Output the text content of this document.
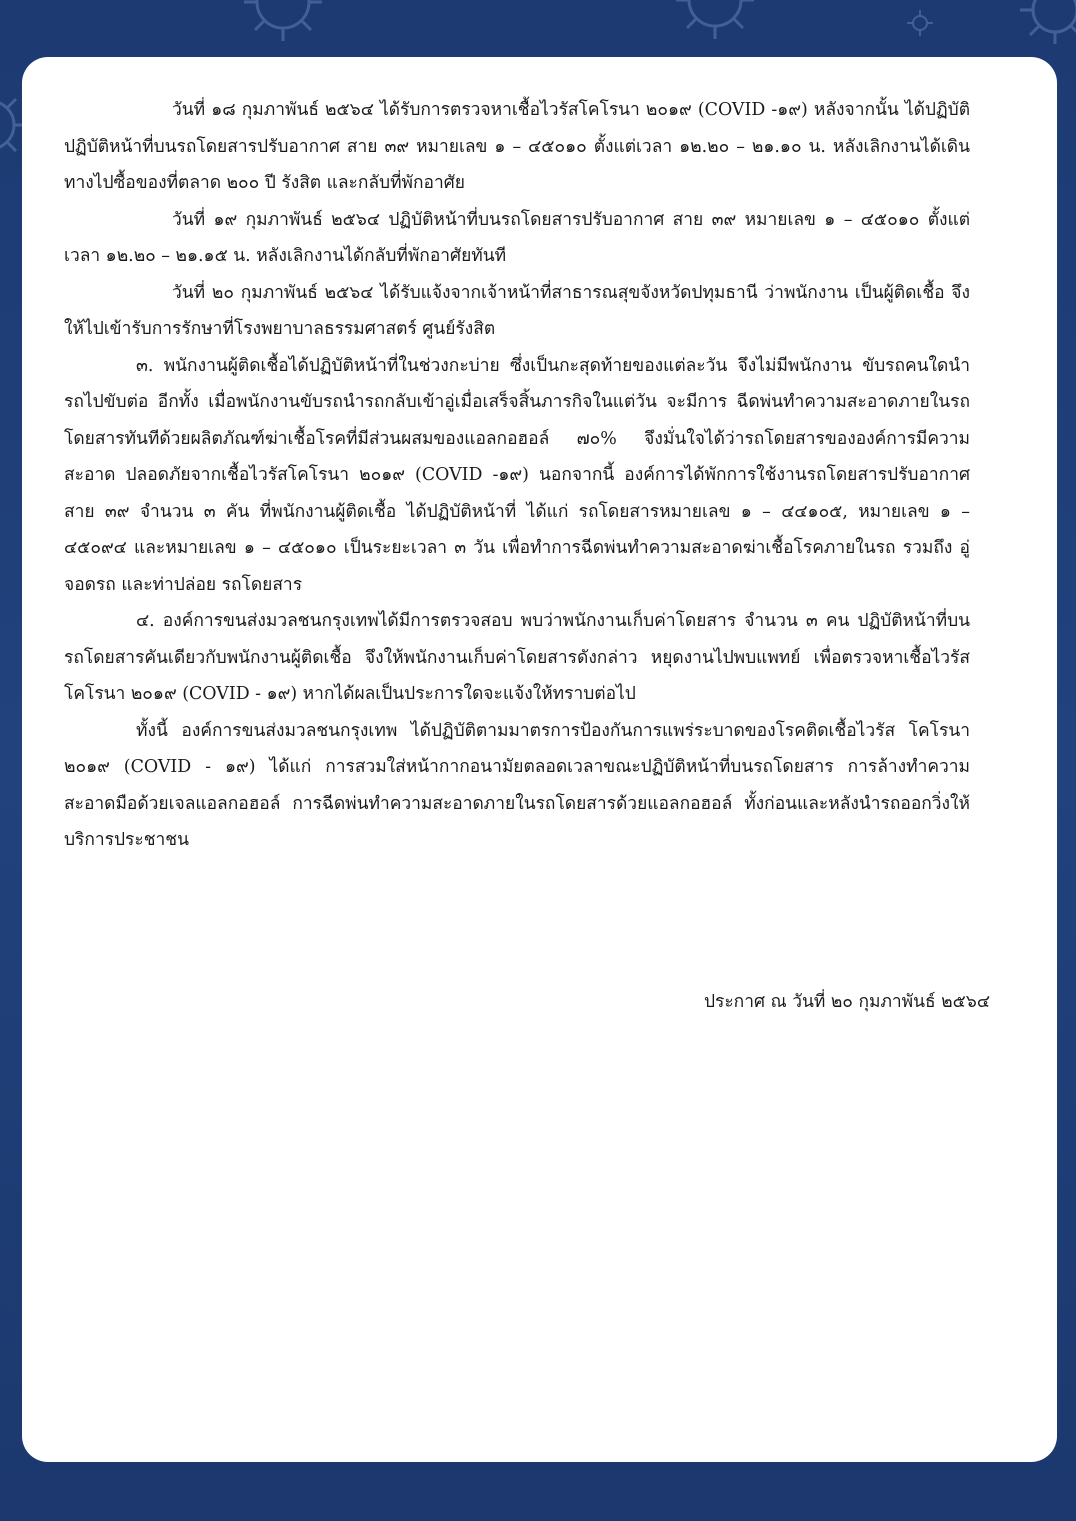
วันที่ ๑๘ กุมภาพันธ์ ๒๕๖๔ ได้รับการตรวจหาเชื้อไวรัสโคโรนา ๒๐๑๙ (COVID -๑๙) หลังจากนั้น ได้ปฏิบัติปฏิบัติหน้าที่บนรถโดยสารปรับอากาศ สาย ๓๙ หมายเลข ๑ – ๔๕๐๑๐ ตั้งแต่เวลา ๑๒.๒๐ – ๒๑.๑๐ น. หลังเลิกงานได้เดินทางไปซื้อของที่ตลาด ๒๐๐ ปี รังสิต และกลับที่พักอาศัย

วันที่ ๑๙ กุมภาพันธ์ ๒๕๖๔ ปฏิบัติหน้าที่บนรถโดยสารปรับอากาศ สาย ๓๙ หมายเลข ๑ – ๔๕๐๑๐ ตั้งแต่เวลา ๑๒.๒๐ – ๒๑.๑๕ น. หลังเลิกงานได้กลับที่พักอาศัยทันที

วันที่ ๒๐ กุมภาพันธ์ ๒๕๖๔ ได้รับแจ้งจากเจ้าหน้าที่สาธารณสุขจังหวัดปทุมธานี ว่าพนักงาน เป็นผู้ติดเชื้อ จึงให้ไปเข้ารับการรักษาที่โรงพยาบาลธรรมศาสตร์ ศูนย์รังสิต

๓. พนักงานผู้ติดเชื้อได้ปฏิบัติหน้าที่ในช่วงกะบ่าย ซึ่งเป็นกะสุดท้ายของแต่ละวัน จึงไม่มีพนักงาน ขับรถคนใดนำรถไปขับต่อ อีกทั้ง เมื่อพนักงานขับรถนำรถกลับเข้าอู่เมื่อเสร็จสิ้นภารกิจในแต่วัน จะมีการ ฉีดพ่นทำความสะอาดภายในรถโดยสารทันทีด้วยผลิตภัณฑ์ฆ่าเชื้อโรคที่มีส่วนผสมของแอลกอฮอล์ ๗๐% จึงมั่นใจได้ว่ารถโดยสารขององค์การมีความสะอาด ปลอดภัยจากเชื้อไวรัสโคโรนา ๒๐๑๙ (COVID -๑๙) นอกจากนี้ องค์การได้พักการใช้งานรถโดยสารปรับอากาศ สาย ๓๙ จำนวน ๓ คัน ที่พนักงานผู้ติดเชื้อ ได้ปฏิบัติหน้าที่ ได้แก่ รถโดยสารหมายเลข ๑ – ๔๔๑๐๕, หมายเลข ๑ – ๔๕๐๙๔ และหมายเลข ๑ – ๔๕๐๑๐ เป็นระยะเวลา ๓ วัน เพื่อทำการฉีดพ่นทำความสะอาดฆ่าเชื้อโรคภายในรถ รวมถึง อู่จอดรถ และท่าปล่อย รถโดยสาร

๔. องค์การขนส่งมวลชนกรุงเทพได้มีการตรวจสอบ พบว่าพนักงานเก็บค่าโดยสาร จำนวน ๓ คน ปฏิบัติหน้าที่บนรถโดยสารคันเดียวกับพนักงานผู้ติดเชื้อ จึงให้พนักงานเก็บค่าโดยสารดังกล่าว หยุดงานไปพบแพทย์ เพื่อตรวจหาเชื้อไวรัสโคโรนา ๒๐๑๙ (COVID - ๑๙) หากได้ผลเป็นประการใดจะแจ้งให้ทราบต่อไป

ทั้งนี้ องค์การขนส่งมวลชนกรุงเทพ ได้ปฏิบัติตามมาตรการป้องกันการแพร่ระบาดของโรคติดเชื้อไวรัส โคโรนา ๒๐๑๙ (COVID - ๑๙) ได้แก่ การสวมใส่หน้ากากอนามัยตลอดเวลาขณะปฏิบัติหน้าที่บนรถโดยสาร การล้างทำความสะอาดมือด้วยเจลแอลกอฮอล์ การฉีดพ่นทำความสะอาดภายในรถโดยสารด้วยแอลกอฮอล์ ทั้งก่อนและหลังนำรถออกวิ่งให้บริการประชาชน

ประกาศ ณ วันที่ ๒๐ กุมภาพันธ์ ๒๕๖๔
